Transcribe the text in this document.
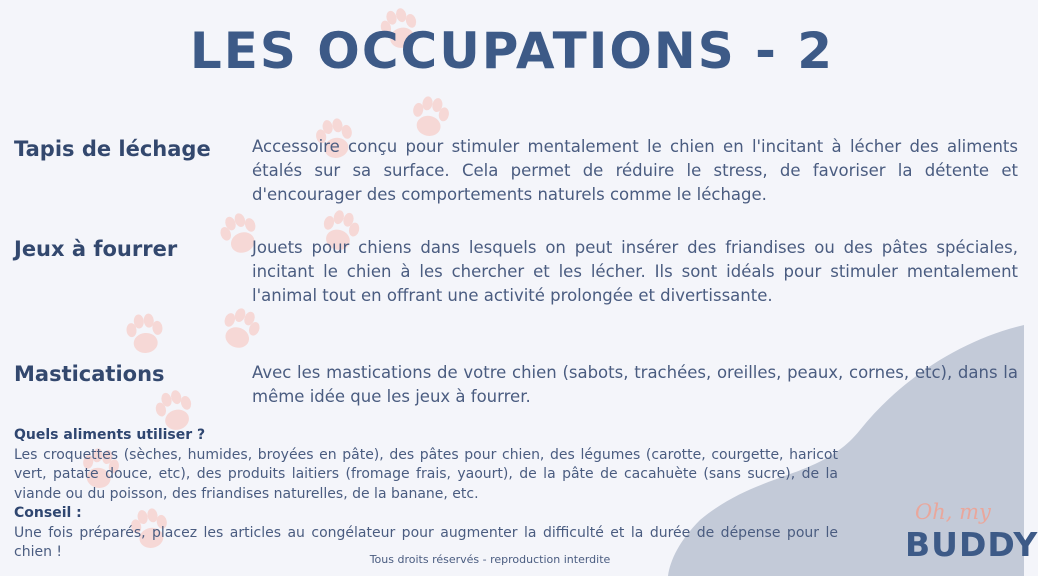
LES OCCUPATIONS - 2
Tapis de léchage	Accessoire conçu pour stimuler mentalement le chien en l'incitant à lécher des aliments étalés sur sa surface. Cela permet de réduire le stress, de favoriser la détente et d'encourager des comportements naturels comme le léchage.
Jeux à fourrer	Jouets pour chiens dans lesquels on peut insérer des friandises ou des pâtes spéciales, incitant le chien à les chercher et les lécher. Ils sont idéals pour stimuler mentalement l'animal tout en offrant une activité prolongée et divertissante.
Mastications	Avec les mastications de votre chien (sabots, trachées, oreilles, peaux, cornes, etc), dans la même idée que les jeux à fourrer.
Quels aliments utiliser ?
Les croquettes (sèches, humides, broyées en pâte), des pâtes pour chien, des légumes (carotte, courgette, haricot vert, patate douce, etc), des produits laitiers (fromage frais, yaourt), de la pâte de cacahuète (sans sucre), de la viande ou du poisson, des friandises naturelles, de la banane, etc.
Conseil :
Une fois préparés, placez les articles au congélateur pour augmenter la difficulté et la durée de dépense pour le chien !	Tous droits réservés - reproduction interdite
Oh, my
BUDDY
